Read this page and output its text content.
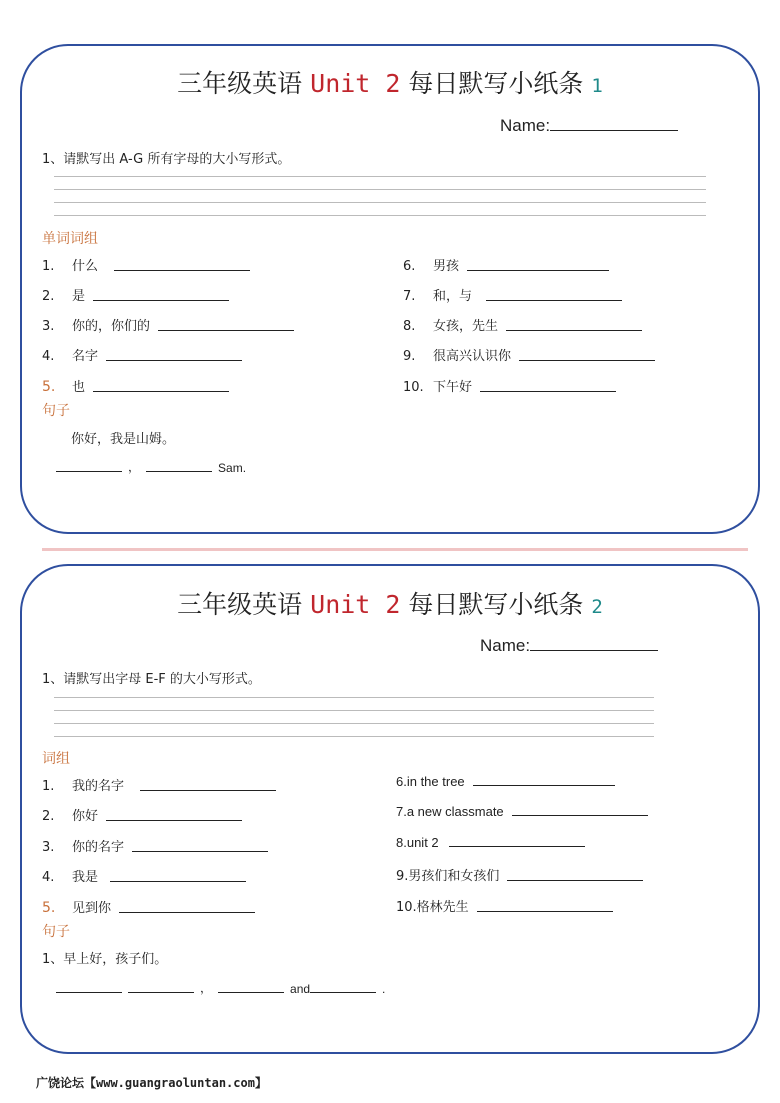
三年级英语 Unit 2 每日默写小纸条 1
Name:
1、请默写出 A-G 所有字母的大小写形式。
单词词组
1.	什么
2.	是
3.	你的，你们的
4.	名字
5.	也
6.	男孩
7.	和，与
8.	女孩，先生
9.	很高兴认识你
10. 下午好
句子
你好，我是山姆。
，	Sam.
三年级英语 Unit 2 每日默写小纸条 2
Name:
1、请默写出字母 E-F 的大小写形式。
词组
1.	我的名字
2.	你好
3.	你的名字
4.	我是
5.	见到你
6.in the tree
7.a new classmate
8.unit 2
9.男孩们和女孩们
10.格林先生
句子
1、早上好，孩子们。
，	and	.
广饶论坛【www.guangraoluntan.com】
